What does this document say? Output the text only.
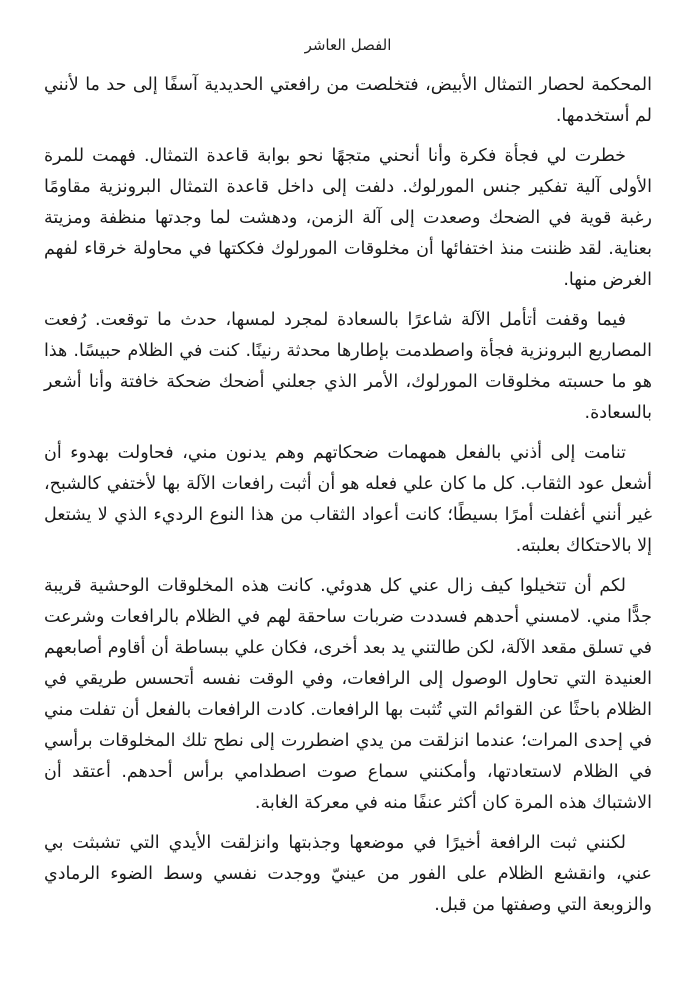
الفصل العاشر

المحكمة لحصار التمثال الأبيض، فتخلصت من رافعتي الحديدية آسفًا إلى حد ما لأنني لم أستخدمها.

خطرت لي فجأة فكرة وأنا أنحني متجهًا نحو بوابة قاعدة التمثال. فهمت للمرة الأولى آلية تفكير جنس المورلوك. دلفت إلى داخل قاعدة التمثال البرونزية مقاومًا رغبة قوية في الضحك وصعدت إلى آلة الزمن، ودهشت لما وجدتها منظفة ومزيتة بعناية. لقد ظننت منذ اختفائها أن مخلوقات المورلوك فككتها في محاولة خرقاء لفهم الغرض منها.

فيما وقفت أتأمل الآلة شاعرًا بالسعادة لمجرد لمسها، حدث ما توقعت. رُفعت المصاريع البرونزية فجأة واصطدمت بإطارها محدثة رنينًا. كنت في الظلام حبيسًا. هذا هو ما حسبته مخلوقات المورلوك، الأمر الذي جعلني أضحك ضحكة خافتة وأنا أشعر بالسعادة.

تنامت إلى أذني بالفعل همهمات ضحكاتهم وهم يدنون مني، فحاولت بهدوء أن أشعل عود الثقاب. كل ما كان علي فعله هو أن أثبت رافعات الآلة بها لأختفي كالشبح، غير أنني أغفلت أمرًا بسيطًا؛ كانت أعواد الثقاب من هذا النوع الرديء الذي لا يشتعل إلا بالاحتكاك بعلبته.

لكم أن تتخيلوا كيف زال عني كل هدوئي. كانت هذه المخلوقات الوحشية قريبة جدًّا مني. لامسني أحدهم فسددت ضربات ساحقة لهم في الظلام بالرافعات وشرعت في تسلق مقعد الآلة، لكن طالتني يد بعد أخرى، فكان علي ببساطة أن أقاوم أصابعهم العنيدة التي تحاول الوصول إلى الرافعات، وفي الوقت نفسه أتحسس طريقي في الظلام باحثًا عن القوائم التي تُثبت بها الرافعات. كادت الرافعات بالفعل أن تفلت مني في إحدى المرات؛ عندما انزلقت من يدي اضطررت إلى نطح تلك المخلوقات برأسي في الظلام لاستعادتها، وأمكنني سماع صوت اصطدامي برأس أحدهم. أعتقد أن الاشتباك هذه المرة كان أكثر عنفًا منه في معركة الغابة.

لكنني ثبت الرافعة أخيرًا في موضعها وجذبتها وانزلقت الأيدي التي تشبثت بي عني، وانقشع الظلام على الفور من عينيّ ووجدت نفسي وسط الضوء الرمادي والزوبعة التي وصفتها من قبل.
